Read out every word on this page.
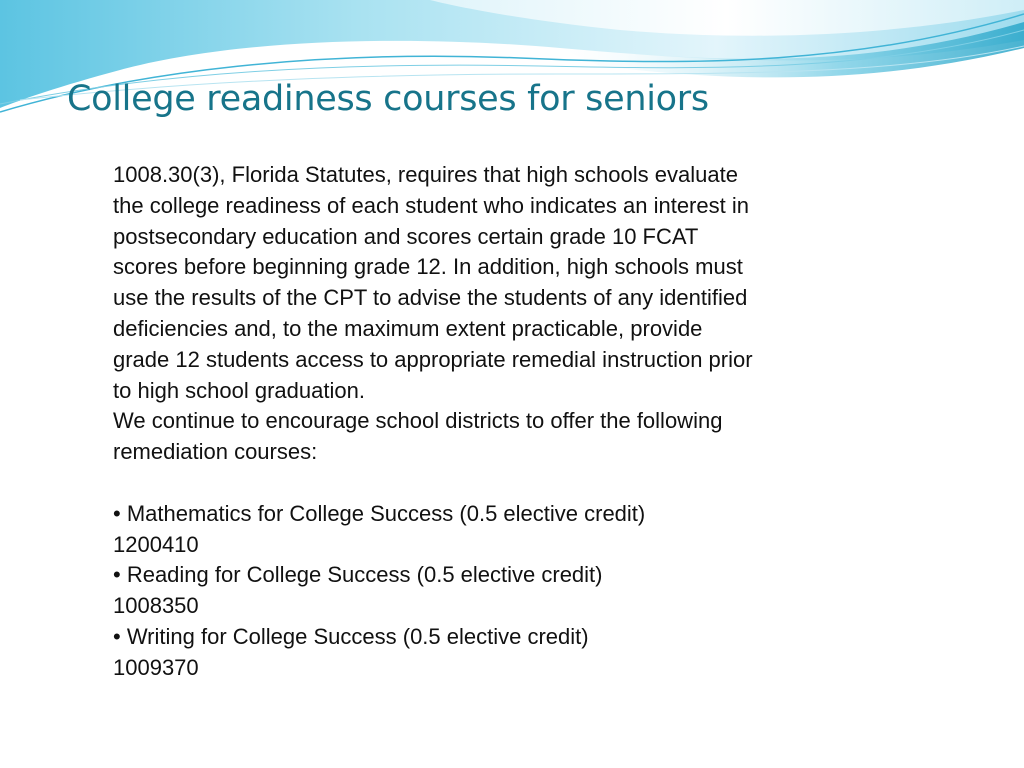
College readiness courses for seniors

1008.30(3), Florida Statutes, requires that high schools evaluate the college readiness of each student who indicates an interest in postsecondary education and scores certain grade 10 FCAT scores before beginning grade 12. In addition, high schools must use the results of the CPT to advise the students of any identified deficiencies and, to the maximum extent practicable, provide grade 12 students access to appropriate remedial instruction prior to high school graduation.

We continue to encourage school districts to offer the following remediation courses:

• Mathematics for College Success (0.5 elective credit)
1200410
• Reading for College Success (0.5 elective credit)
1008350
• Writing for College Success (0.5 elective credit)
1009370
